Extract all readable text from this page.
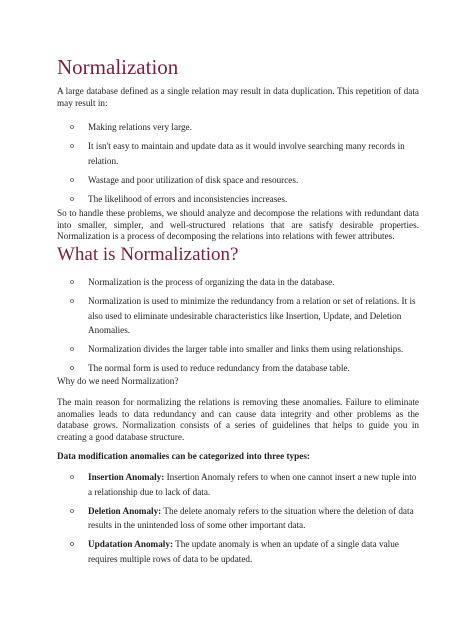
Normalization

A large database defined as a single relation may result in data duplication. This repetition of data may result in:

o Making relations very large.
o It isn't easy to maintain and update data as it would involve searching many records in relation.
o Wastage and poor utilization of disk space and resources.
o The likelihood of errors and inconsistencies increases.

So to handle these problems, we should analyze and decompose the relations with redundant data into smaller, simpler, and well-structured relations that are satisfy desirable properties. Normalization is a process of decomposing the relations into relations with fewer attributes.

What is Normalization?
o Normalization is the process of organizing the data in the database.
o Normalization is used to minimize the redundancy from a relation or set of relations. It is also used to eliminate undesirable characteristics like Insertion, Update, and Deletion Anomalies.
o Normalization divides the larger table into smaller and links them using relationships.
o The normal form is used to reduce redundancy from the database table.

Why do we need Normalization?

The main reason for normalizing the relations is removing these anomalies. Failure to eliminate anomalies leads to data redundancy and can cause data integrity and other problems as the database grows. Normalization consists of a series of guidelines that helps to guide you in creating a good database structure.

Data modification anomalies can be categorized into three types:

o Insertion Anomaly: Insertion Anomaly refers to when one cannot insert a new tuple into a relationship due to lack of data.
o Deletion Anomaly: The delete anomaly refers to the situation where the deletion of data results in the unintended loss of some other important data.
o Updatation Anomaly: The update anomaly is when an update of a single data value requires multiple rows of data to be updated.
